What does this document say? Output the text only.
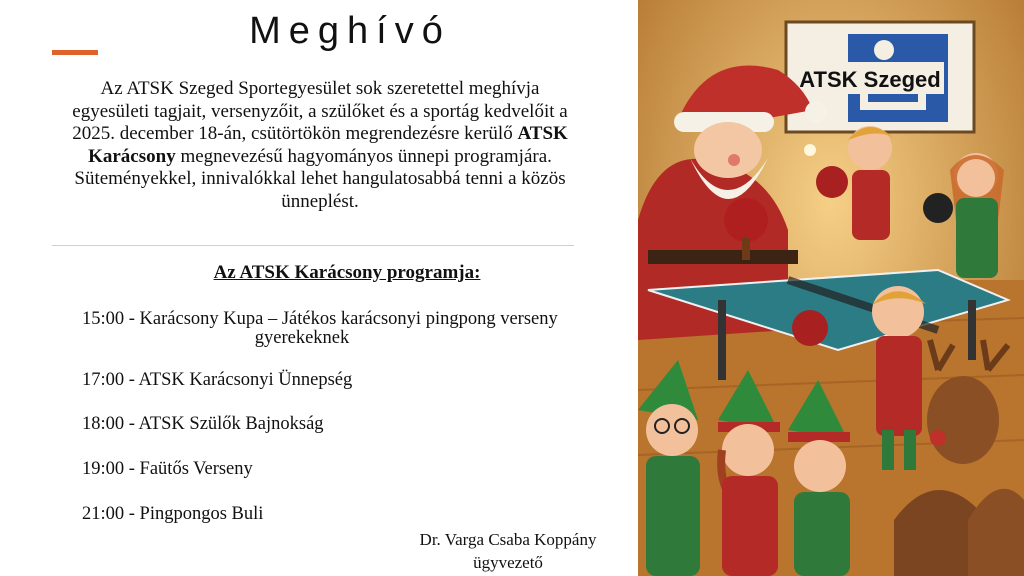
Meghívó
Az ATSK Szeged Sportegyesület sok szeretettel meghívja egyesületi tagjait, versenyzőit, a szülőket és a sportág kedvelőit a 2025. december 18-án, csütörtökön megrendezésre kerülő ATSK Karácsony megnevezésű hagyományos ünnepi programjára. Süteményekkel, innivalókkal lehet hangulatosabbá tenni a közös ünneplést.
Az ATSK Karácsony programja:
15:00 - Karácsony Kupa – Játékos karácsonyi pingpong verseny
gyerekeknek
17:00 - ATSK Karácsonyi Ünnepség
18:00 - ATSK Szülők Bajnokság
19:00 - Faütős Verseny
21:00 - Pingpongos Buli
Dr. Varga Csaba Koppány
ügyvezető
ATSK Szeged
